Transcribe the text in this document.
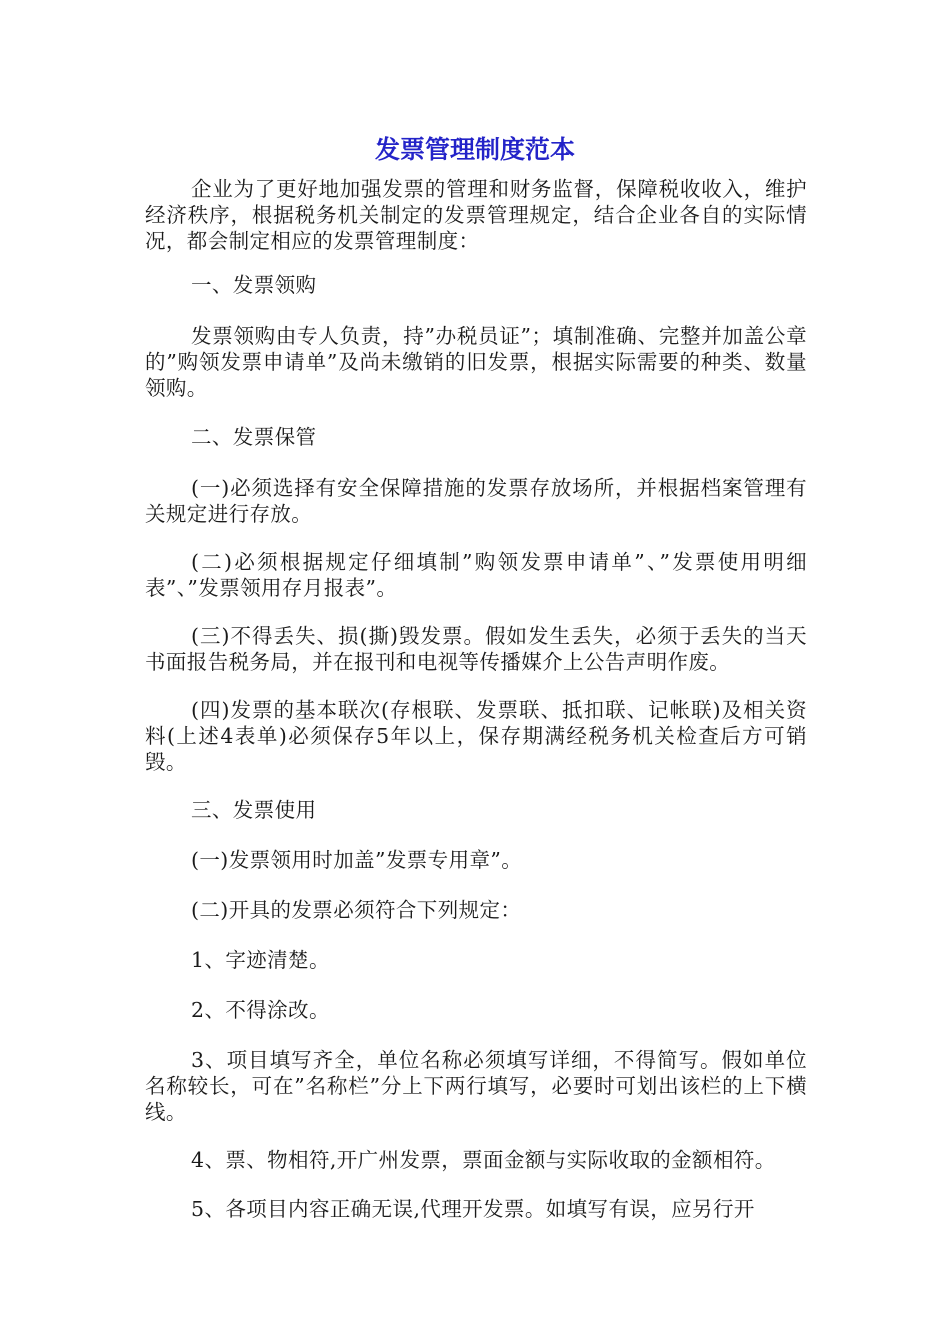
发票管理制度范本

企业为了更好地加强发票的管理和财务监督，保障税收收入，维护经济秩序，根据税务机关制定的发票管理规定，结合企业各自的实际情况，都会制定相应的发票管理制度：

一、发票领购

发票领购由专人负责，持”办税员证”；填制准确、完整并加盖公章的”购领发票申请单”及尚未缴销的旧发票，根据实际需要的种类、数量领购。

二、发票保管

(一)必须选择有安全保障措施的发票存放场所，并根据档案管理有关规定进行存放。

(二)必须根据规定仔细填制”购领发票申请单”、”发票使用明细表”、”发票领用存月报表”。

(三)不得丢失、损(撕)毁发票。假如发生丢失，必须于丢失的当天书面报告税务局，并在报刊和电视等传播媒介上公告声明作废。

(四)发票的基本联次(存根联、发票联、抵扣联、记帐联)及相关资料(上述4表单)必须保存5年以上，保存期满经税务机关检查后方可销毁。

三、发票使用

(一)发票领用时加盖”发票专用章”。

(二)开具的发票必须符合下列规定：

1、字迹清楚。

2、不得涂改。

3、项目填写齐全，单位名称必须填写详细，不得简写。假如单位名称较长，可在”名称栏”分上下两行填写，必要时可划出该栏的上下横线。

4、票、物相符,开广州发票，票面金额与实际收取的金额相符。

5、各项目内容正确无误,代理开发票。如填写有误，应另行开
